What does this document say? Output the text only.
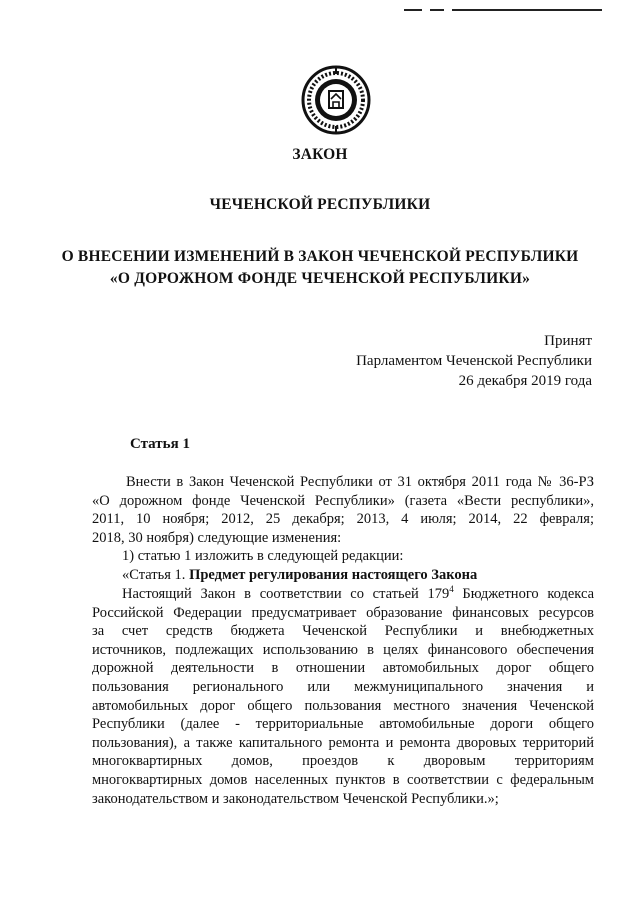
ЗАКОН
ЧЕЧЕНСКОЙ РЕСПУБЛИКИ
О ВНЕСЕНИИ ИЗМЕНЕНИЙ В ЗАКОН ЧЕЧЕНСКОЙ РЕСПУБЛИКИ
«О ДОРОЖНОМ ФОНДЕ ЧЕЧЕНСКОЙ РЕСПУБЛИКИ»
Принят
Парламентом Чеченской Республики
26 декабря 2019 года
Статья 1
Внести в Закон Чеченской Республики от 31 октября 2011 года № 36-РЗ
«О дорожном фонде Чеченской Республики» (газета «Вести республики»,
2011, 10 ноября; 2012, 25 декабря; 2013, 4 июля; 2014, 22 февраля;
2018, 30 ноября) следующие изменения:
1) статью 1 изложить в следующей редакции:
«Статья 1. Предмет регулирования настоящего Закона
Настоящий Закон в соответствии со статьей $179^4$ Бюджетного кодекса
Российской Федерации предусматривает образование финансовых ресурсов
за счет средств бюджета Чеченской Республики и внебюджетных
источников, подлежащих использованию в целях финансового обеспечения
дорожной деятельности в отношении автомобильных дорог общего
пользования регионального или межмуниципального значения и
автомобильных дорог общего пользования местного значения Чеченской
Республики (далее - территориальные автомобильные дороги общего
пользования), а также капитального ремонта и ремонта дворовых территорий
многоквартирных домов, проездов к дворовым территориям
многоквартирных домов населенных пунктов в соответствии с федеральным
законодательством и законодательством Чеченской Республики.»;
